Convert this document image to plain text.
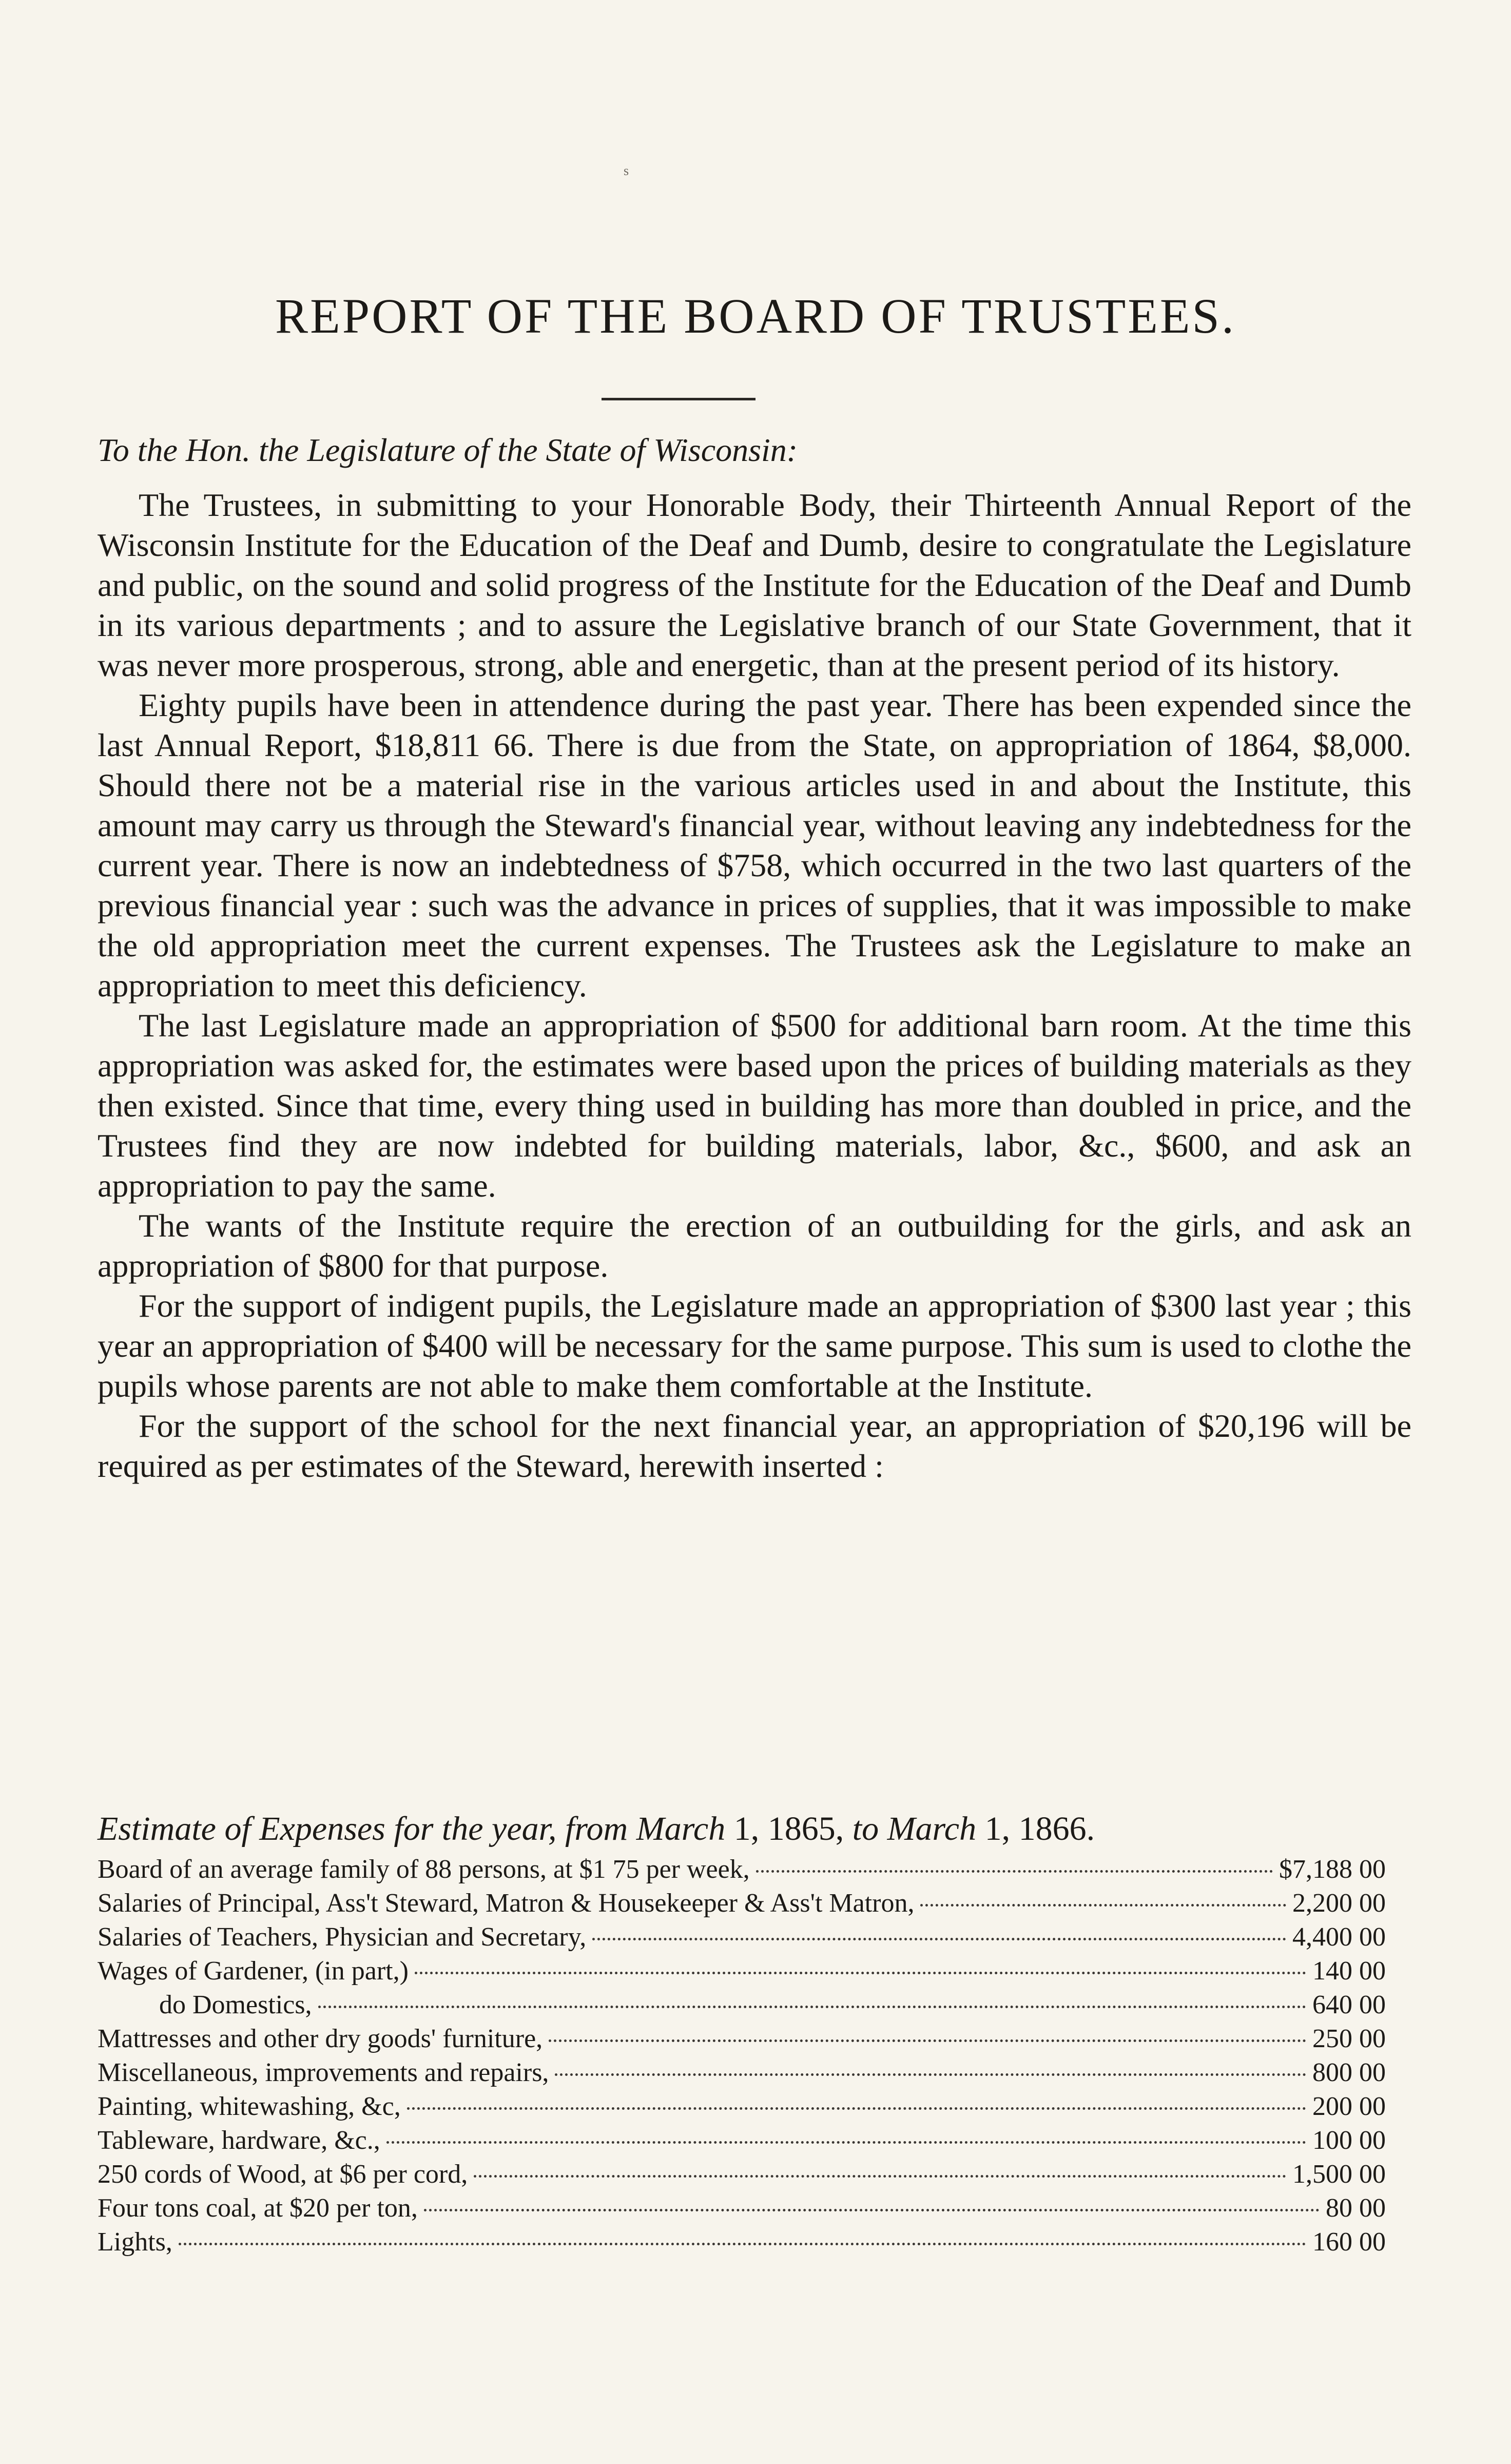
s
REPORT OF THE BOARD OF TRUSTEES.

To the Hon. the Legislature of the State of Wisconsin:

The Trustees, in submitting to your Honorable Body, their Thirteenth Annual Report of the Wisconsin Institute for the Education of the Deaf and Dumb, desire to congratulate the Legislature and public, on the sound and solid progress of the Institute for the Education of the Deaf and Dumb in its various departments ; and to assure the Legislative branch of our State Government, that it was never more prosperous, strong, able and energetic, than at the present period of its history.

Eighty pupils have been in attendence during the past year. There has been expended since the last Annual Report, $18,811 66. There is due from the State, on appropriation of 1864, $8,000. Should there not be a material rise in the various articles used in and about the Institute, this amount may carry us through the Steward's financial year, without leaving any indebtedness for the current year. There is now an indebtedness of $758, which occurred in the two last quarters of the previous financial year : such was the advance in prices of supplies, that it was impossible to make the old appropriation meet the current expenses. The Trustees ask the Legislature to make an appropriation to meet this deficiency.

The last Legislature made an appropriation of $500 for additional barn room. At the time this appropriation was asked for, the estimates were based upon the prices of building materials as they then existed. Since that time, every thing used in building has more than doubled in price, and the Trustees find they are now indebted for building materials, labor, &c., $600, and ask an appropriation to pay the same.

The wants of the Institute require the erection of an outbuilding for the girls, and ask an appropriation of $800 for that purpose.

For the support of indigent pupils, the Legislature made an appropriation of $300 last year ; this year an appropriation of $400 will be necessary for the same purpose. This sum is used to clothe the pupils whose parents are not able to make them comfortable at the Institute.

For the support of the school for the next financial year, an appropriation of $20,196 will be required as per estimates of the Steward, herewith inserted :

Estimate of Expenses for the year, from March 1, 1865, to March 1, 1866.

Board of an average family of 88 persons, at $1 75 per week,	$7,188 00
Salaries of Principal, Ass't Steward, Matron & Housekeeper & Ass't Matron,	2,200 00
Salaries of Teachers, Physician and Secretary,	4,400 00
Wages of Gardener, (in part,)	140 00
do Domestics,	640 00
Mattresses and other dry goods' furniture,	250 00
Miscellaneous, improvements and repairs,	800 00
Painting, whitewashing, &c,	200 00
Tableware, hardware, &c.,	100 00
250 cords of Wood, at $6 per cord,	1,500 00
Four tons coal, at $20 per ton,	80 00
Lights,	160 00
